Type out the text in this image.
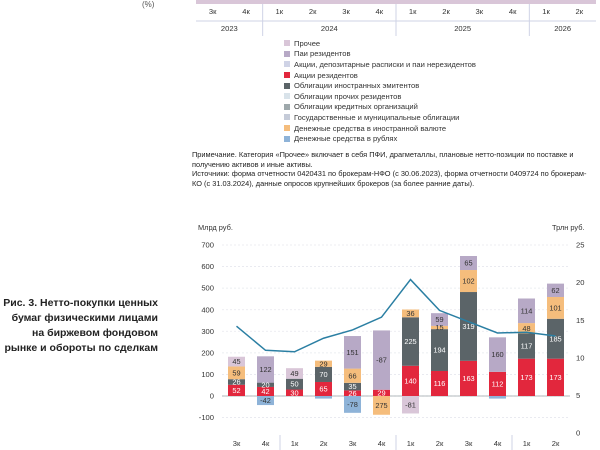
3к	4к	1к	2к	3к	4к	1к	2к	3к	4к	1к	2к
2023	2024	2025	2026
-100
0
100
200
300
400
500
600
700
0
5
10
15
20
25
52
26
59
45
42
20
122
-42
30
50
49
65
70
29
26
35
66
151
-78
29
275
-87
140
225
36
-81
116
194
15
59
163
319
102
65
112
160
173
117
48
114
173
185
101
62
3к	4к	1к	2к	3к	4к	1к	2к	3к	4к	1к	2к
(%)
Прочее
Паи резидентов
Акции, депозитарные расписки и паи нерезидентов
Акции резидентов
Облигации иностранных эмитентов
Облигации прочих резидентов
Облигации кредитных организаций
Государственные и муниципальные облигации
Денежные средства в иностранной валюте
Денежные средства в рублях

Примечание. Категория «Прочее» включает в себя ПФИ, драгметаллы, плановые нетто-позиции по поставке и получению активов и иные активы.

Источники: форма отчетности 0420431 по брокерам-НФО (с 30.06.2023), форма отчетности 0409724 по брокерам-КО (с 31.03.2024), данные опросов крупнейших брокеров (за более ранние даты).

Рис. 3. Нетто-покупки ценных бумаг физическими лицами на биржевом фондовом рынке и обороты по сделкам
Млрд руб.	Трлн руб.
